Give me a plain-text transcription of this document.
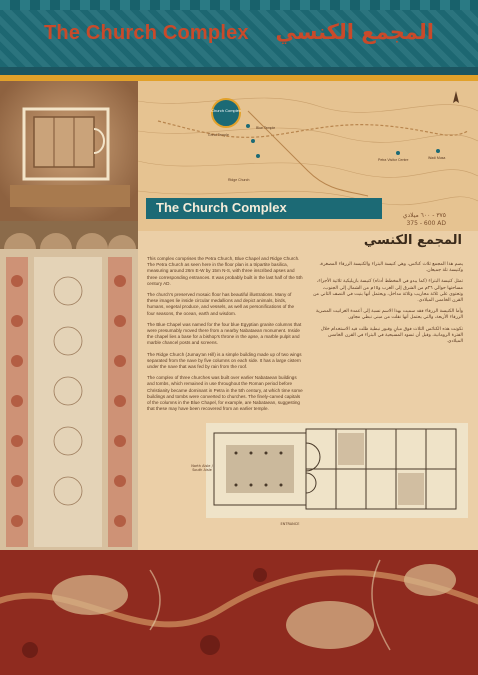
The Church Complex المجمع الكنسي
Church Complex
Great Temple
Blue Temple
Ridge Church
Petra Visitor Centre	Wadi Musa
The Church Complex
٣٧٥ - ٦٠٠ ميلادي
375 - 600 AD

This complex comprises the Petra Church, Blue Chapel and Ridge Church. The Petra Church as seen here in the floor plan is a tripartite basilica, measuring around 26m E-W by 15m N-S, with three inscribed apses and three corresponding entrances. It was probably built in the last half of the 5th century AD.

The church's preserved mosaic floor has beautiful illustrations. Many of these images lie inside circular medallions and depict animals, birds, humans, vegetal produce, and vessels, as well as personifications of the four seasons, the ocean, earth and wisdom.

The Blue Chapel was named for the four blue Egyptian granite columns that were presumably moved there from a nearby Nabataean monument. Inside the chapel lies a base for a bishop's throne in the apse, a marble pulpit and marble chancel posts and screens.

The Ridge Church (Jumay'an Hill) is a simple building made up of two wings separated from the nave by five columns on each side. It has a large cistern under the nave that was fed by rain from the roof.

The complex of three churches was built over earlier Nabataean buildings and tombs, which remained in use throughout the Roman period before Christianity became dominant in Petra in the 5th century, at which time some buildings and tombs were converted to churches. The finely-carved capitals of the columns in the Blue Chapel, for example, are Nabataean, suggesting that these may have been recovered from an earlier temple.

المجمع الكنسي

يضم هذا المجمع ثلاث كنائس، وهي كنيسة البتراء والكنيسة الزرقاء المصغرة، وكنيسة تلة جميعان.

تمثل كنيسة البتراء (كما يبدو في المخطط أدناه) كنيسة بازيليكية ثلاثية الأجزاء، مساحتها حوالي ٢٦م من الشرق إلى الغرب و١٥م من الشمال إلى الجنوب، وتحتوي على ثلاثة محاريب وثلاثة مداخل، ويحتمل أنها بنيت في النصف الثاني من القرن الخامس الميلادي.

وأما الكنيسة الزرقاء فقد سميت بهذا الاسم نسبة إلى أعمدة الغرانيت المصرية الزرقاء الأربعة، والتي يحتمل أنها نقلت من مبنى نبطي مجاور.

تكونت هذه الكنائس الثلاث فوق مبانٍ وقبور نبطية ظلت قيد الاستخدام خلال الفترة الرومانية، وقبل أن تسود المسيحية في البتراء في القرن الخامس الميلادي.

North Aisle / South Aisle
ENTRANCE
